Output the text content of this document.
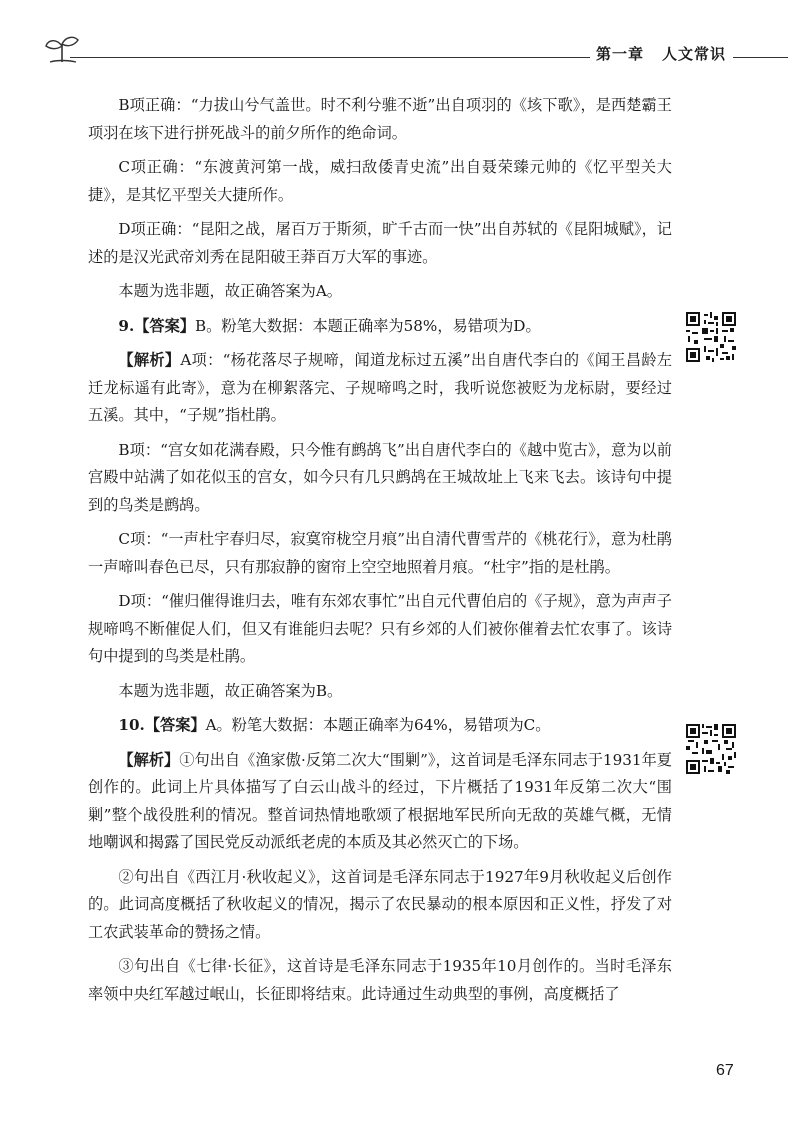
第一章 人文常识

B项正确：“力拔山兮气盖世。时不利兮骓不逝”出自项羽的《垓下歌》，是西楚霸王项羽在垓下进行拼死战斗的前夕所作的绝命词。

C项正确：“东渡黄河第一战，威扫敌倭青史流”出自聂荣臻元帅的《忆平型关大捷》，是其忆平型关大捷所作。

D项正确：“昆阳之战，屠百万于斯须，旷千古而一快”出自苏轼的《昆阳城赋》，记述的是汉光武帝刘秀在昆阳破王莽百万大军的事迹。

本题为选非题，故正确答案为A。

9.【答案】B。粉笔大数据：本题正确率为58%，易错项为D。

【解析】A项：“杨花落尽子规啼，闻道龙标过五溪”出自唐代李白的《闻王昌龄左迁龙标遥有此寄》，意为在柳絮落完、子规啼鸣之时，我听说您被贬为龙标尉，要经过五溪。其中，“子规”指杜鹃。

B项：“宫女如花满春殿，只今惟有鹧鸪飞”出自唐代李白的《越中览古》，意为以前宫殿中站满了如花似玉的宫女，如今只有几只鹧鸪在王城故址上飞来飞去。该诗句中提到的鸟类是鹧鸪。

C项：“一声杜宇春归尽，寂寞帘栊空月痕”出自清代曹雪芹的《桃花行》，意为杜鹃一声啼叫春色已尽，只有那寂静的窗帘上空空地照着月痕。“杜宇”指的是杜鹃。

D项：“催归催得谁归去，唯有东郊农事忙”出自元代曹伯启的《子规》，意为声声子规啼鸣不断催促人们，但又有谁能归去呢？只有乡郊的人们被你催着去忙农事了。该诗句中提到的鸟类是杜鹃。

本题为选非题，故正确答案为B。

10.【答案】A。粉笔大数据：本题正确率为64%，易错项为C。

【解析】①句出自《渔家傲·反第二次大“围剿”》，这首词是毛泽东同志于1931年夏创作的。此词上片具体描写了白云山战斗的经过，下片概括了1931年反第二次大“围剿”整个战役胜利的情况。整首词热情地歌颂了根据地军民所向无敌的英雄气概，无情地嘲讽和揭露了国民党反动派纸老虎的本质及其必然灭亡的下场。

②句出自《西江月·秋收起义》，这首词是毛泽东同志于1927年9月秋收起义后创作的。此词高度概括了秋收起义的情况，揭示了农民暴动的根本原因和正义性，抒发了对工农武装革命的赞扬之情。

③句出自《七律·长征》，这首诗是毛泽东同志于1935年10月创作的。当时毛泽东率领中央红军越过岷山，长征即将结束。此诗通过生动典型的事例，高度概括了

67
